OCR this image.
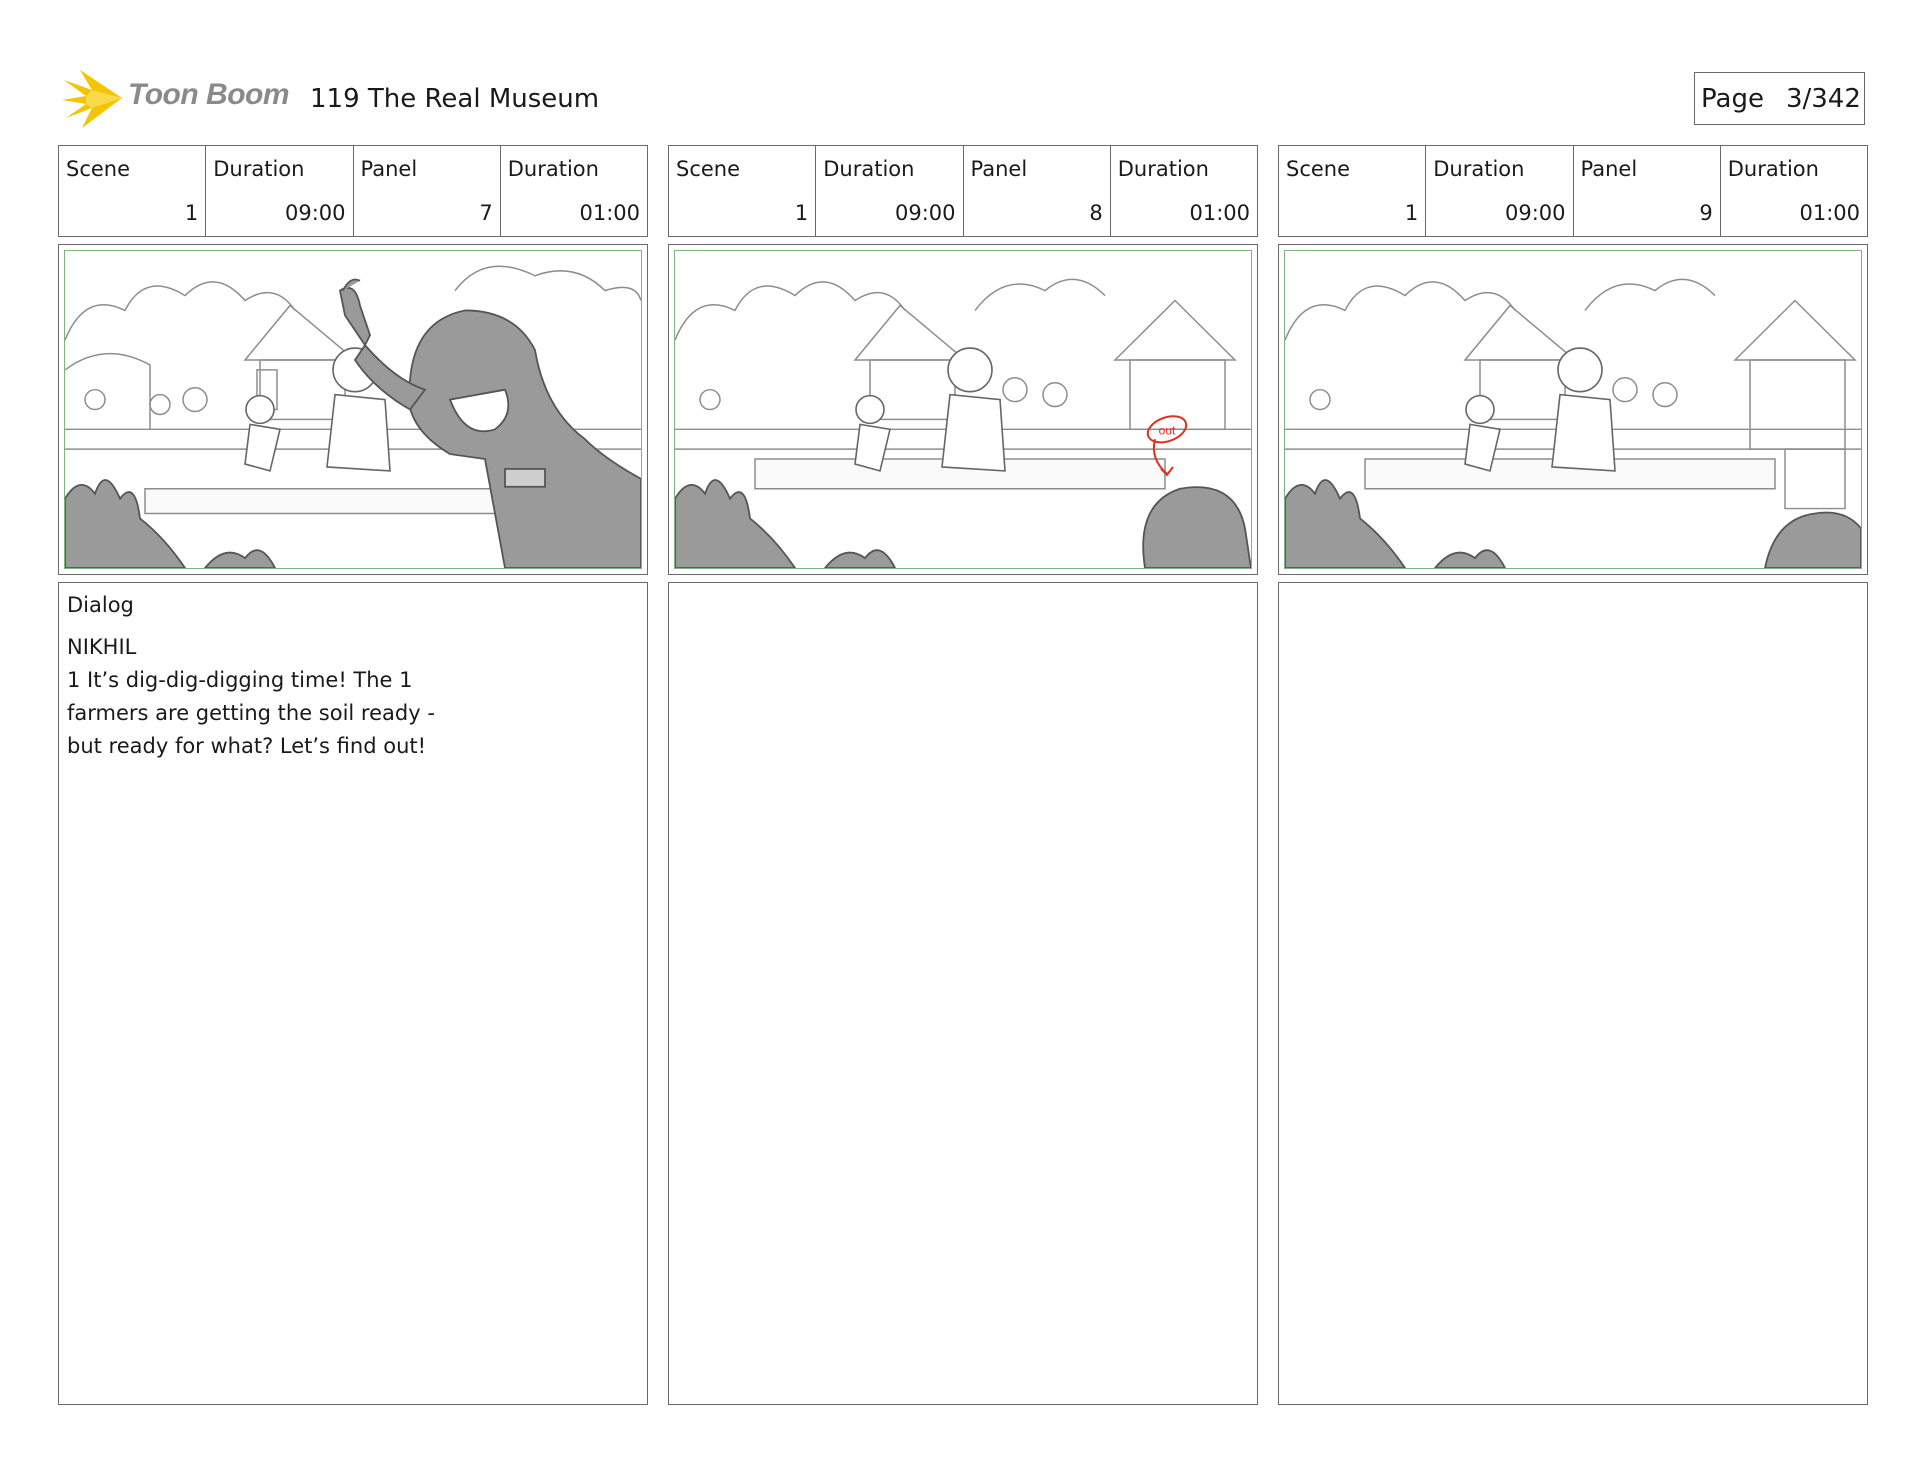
Toon Boom 119 The Real Museum	Page 3/342
Scene
1
Duration
09:00
Panel
7
Duration
01:00
Dialog
NIKHIL
1 It’s dig-dig-digging time! The 1
farmers are getting the soil ready -
but ready for what? Let’s find out!
Scene
1
Duration
09:00
Panel
8
Duration
01:00
out
Scene
1
Duration
09:00
Panel
9
Duration
01:00
